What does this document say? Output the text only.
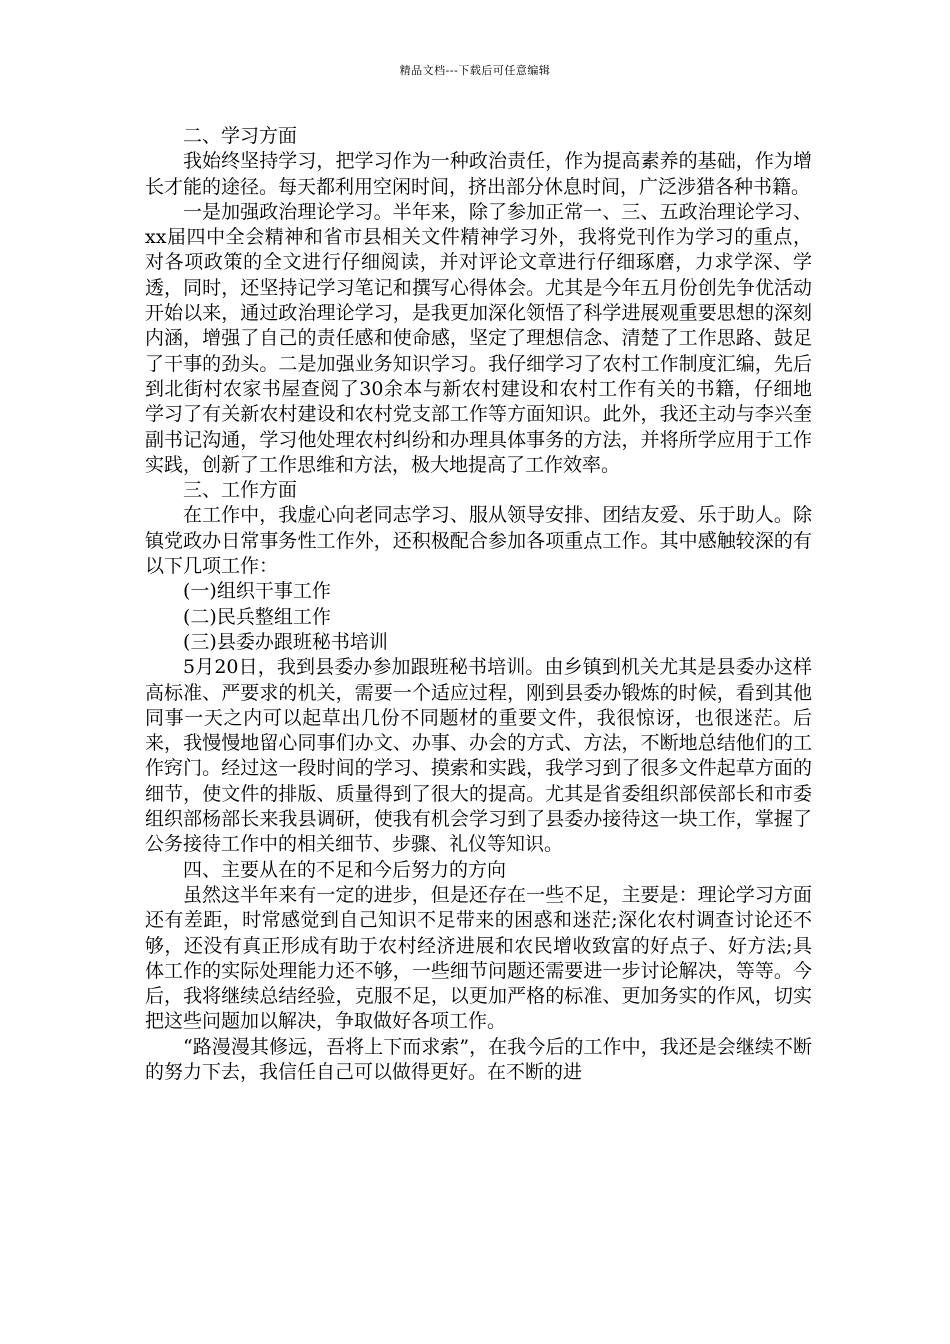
精品文档---下载后可任意编辑

二、学习方面

我始终坚持学习，把学习作为一种政治责任，作为提高素养的基础，作为增长才能的途径。每天都利用空闲时间，挤出部分休息时间，广泛涉猎各种书籍。

一是加强政治理论学习。半年来，除了参加正常一、三、五政治理论学习、xx届四中全会精神和省市县相关文件精神学习外，我将党刊作为学习的重点，对各项政策的全文进行仔细阅读，并对评论文章进行仔细琢磨，力求学深、学透，同时，还坚持记学习笔记和撰写心得体会。尤其是今年五月份创先争优活动开始以来，通过政治理论学习，是我更加深化领悟了科学进展观重要思想的深刻内涵，增强了自己的责任感和使命感，坚定了理想信念、清楚了工作思路、鼓足了干事的劲头。二是加强业务知识学习。我仔细学习了农村工作制度汇编，先后到北街村农家书屋查阅了30余本与新农村建设和农村工作有关的书籍，仔细地学习了有关新农村建设和农村党支部工作等方面知识。此外，我还主动与李兴奎副书记沟通，学习他处理农村纠纷和办理具体事务的方法，并将所学应用于工作实践，创新了工作思维和方法，极大地提高了工作效率。

三、工作方面

在工作中，我虚心向老同志学习、服从领导安排、团结友爱、乐于助人。除镇党政办日常事务性工作外，还积极配合参加各项重点工作。其中感触较深的有以下几项工作：

(一)组织干事工作

(二)民兵整组工作

(三)县委办跟班秘书培训

5月20日，我到县委办参加跟班秘书培训。由乡镇到机关尤其是县委办这样高标准、严要求的机关，需要一个适应过程，刚到县委办锻炼的时候，看到其他同事一天之内可以起草出几份不同题材的重要文件，我很惊讶，也很迷茫。后来，我慢慢地留心同事们办文、办事、办会的方式、方法，不断地总结他们的工作窍门。经过这一段时间的学习、摸索和实践，我学习到了很多文件起草方面的细节，使文件的排版、质量得到了很大的提高。尤其是省委组织部侯部长和市委组织部杨部长来我县调研，使我有机会学习到了县委办接待这一块工作，掌握了公务接待工作中的相关细节、步骤、礼仪等知识。

四、主要从在的不足和今后努力的方向

虽然这半年来有一定的进步，但是还存在一些不足，主要是：理论学习方面还有差距，时常感觉到自己知识不足带来的困惑和迷茫;深化农村调查讨论还不够，还没有真正形成有助于农村经济进展和农民增收致富的好点子、好方法;具体工作的实际处理能力还不够，一些细节问题还需要进一步讨论解决，等等。今后，我将继续总结经验，克服不足，以更加严格的标准、更加务实的作风，切实把这些问题加以解决，争取做好各项工作。

“路漫漫其修远，吾将上下而求索”，在我今后的工作中，我还是会继续不断的努力下去，我信任自己可以做得更好。在不断的进
